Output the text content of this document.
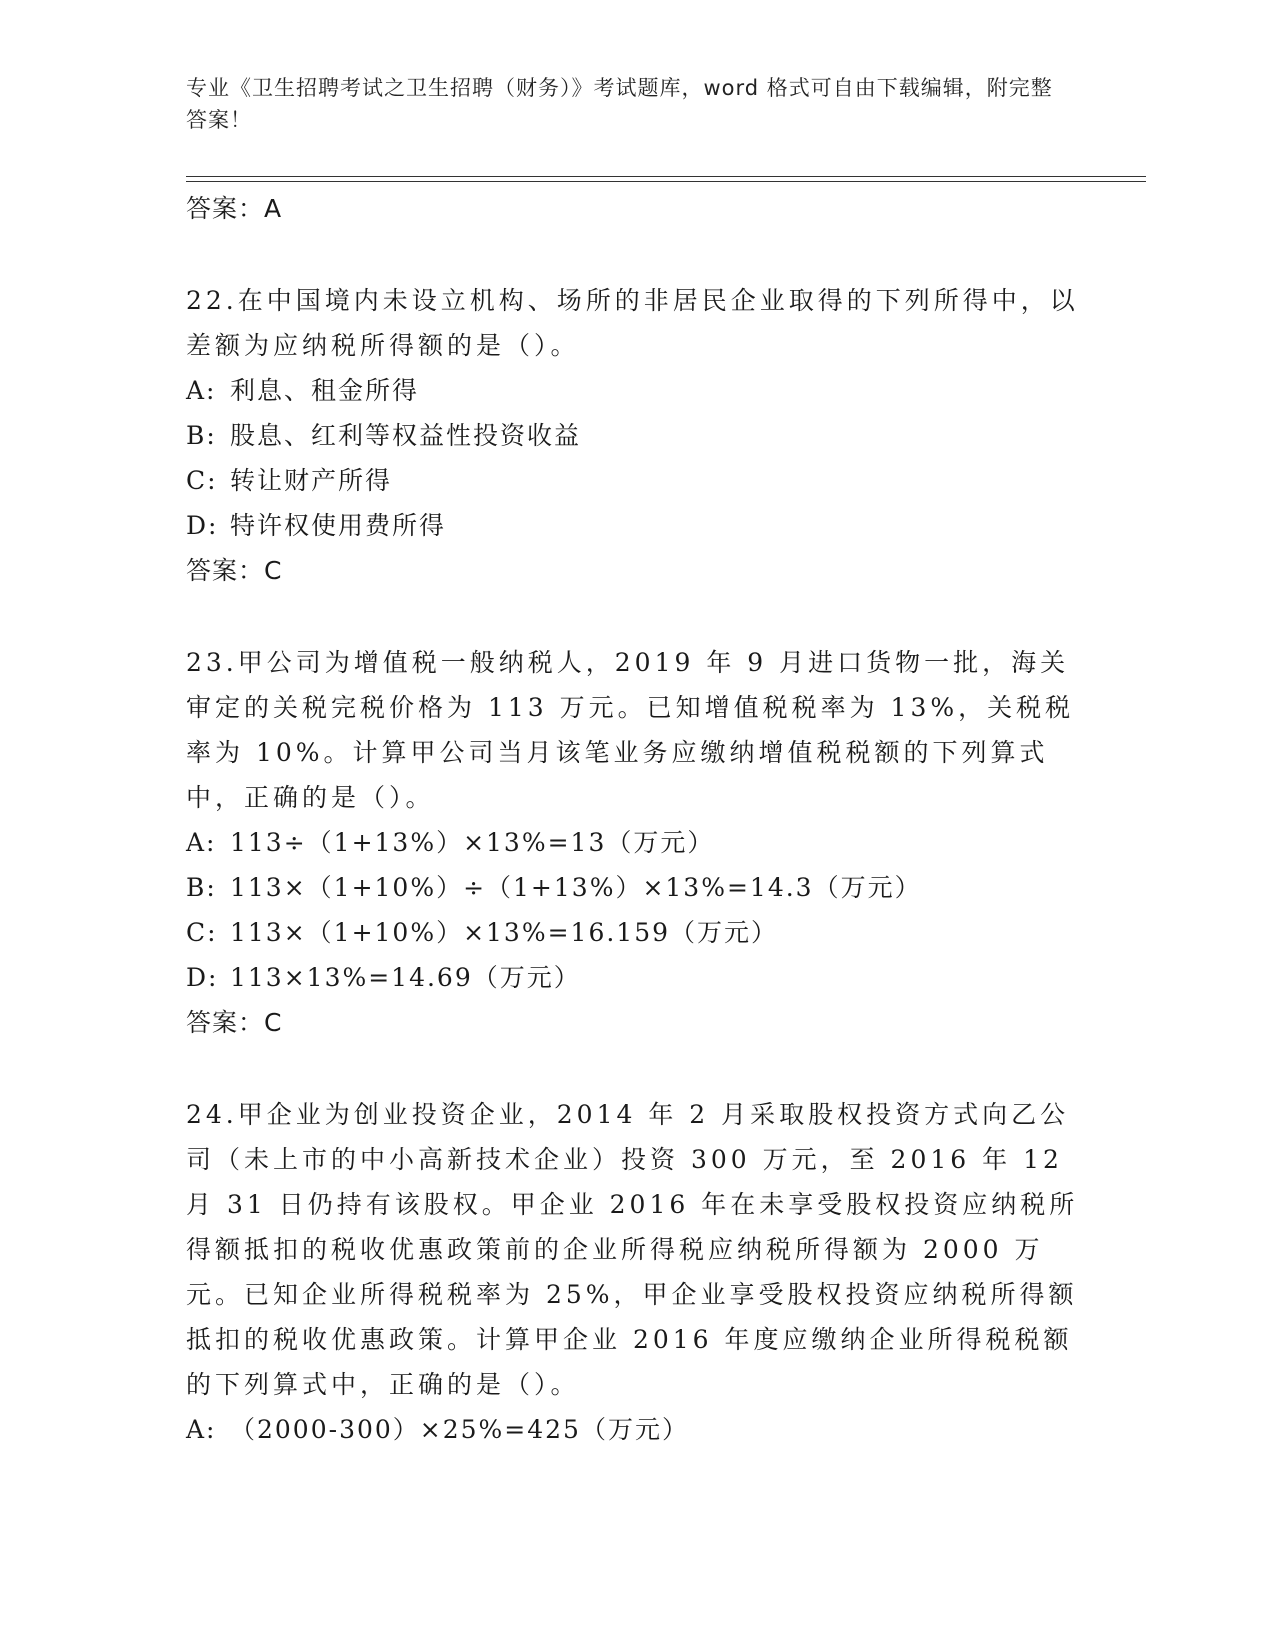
专业《卫生招聘考试之卫生招聘（财务）》考试题库，word 格式可自由下载编辑，附完整答案！

答案：A

22.在中国境内未设立机构、场所的非居民企业取得的下列所得中，以差额为应纳税所得额的是（）。

A: 利息、租金所得

B: 股息、红利等权益性投资收益

C: 转让财产所得

D: 特许权使用费所得

答案：C

23.甲公司为增值税一般纳税人，2019 年 9 月进口货物一批，海关审定的关税完税价格为 113 万元。已知增值税税率为 13%，关税税率为 10%。计算甲公司当月该笔业务应缴纳增值税税额的下列算式中，正确的是（）。

A: 113÷（1+13%）×13%=13（万元）

B: 113×（1+10%）÷（1+13%）×13%=14.3（万元）

C: 113×（1+10%）×13%=16.159（万元）

D: 113×13%=14.69（万元）

答案：C

24.甲企业为创业投资企业，2014 年 2 月采取股权投资方式向乙公司（未上市的中小高新技术企业）投资 300 万元，至 2016 年 12 月 31 日仍持有该股权。甲企业 2016 年在未享受股权投资应纳税所得额抵扣的税收优惠政策前的企业所得税应纳税所得额为 2000 万元。已知企业所得税税率为 25%，甲企业享受股权投资应纳税所得额抵扣的税收优惠政策。计算甲企业 2016 年度应缴纳企业所得税税额的下列算式中，正确的是（）。

A: （2000-300）×25%=425（万元）
